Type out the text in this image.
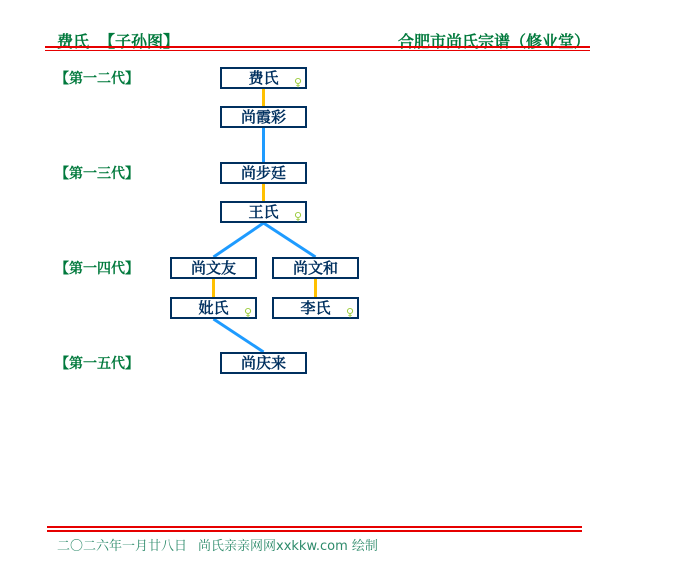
费氏 【子孙图】	合肥市尚氏宗谱（修业堂）
【第一二代】
【第一三代】
【第一四代】
【第一五代】
费氏 ♀
尚霞彩
尚步廷
王氏 ♀
尚文友	尚文和
妣氏 ♀	李氏 ♀
尚庆来
二〇二六年一月廿八日 尚氏亲亲网网xxkkw.com 绘制
